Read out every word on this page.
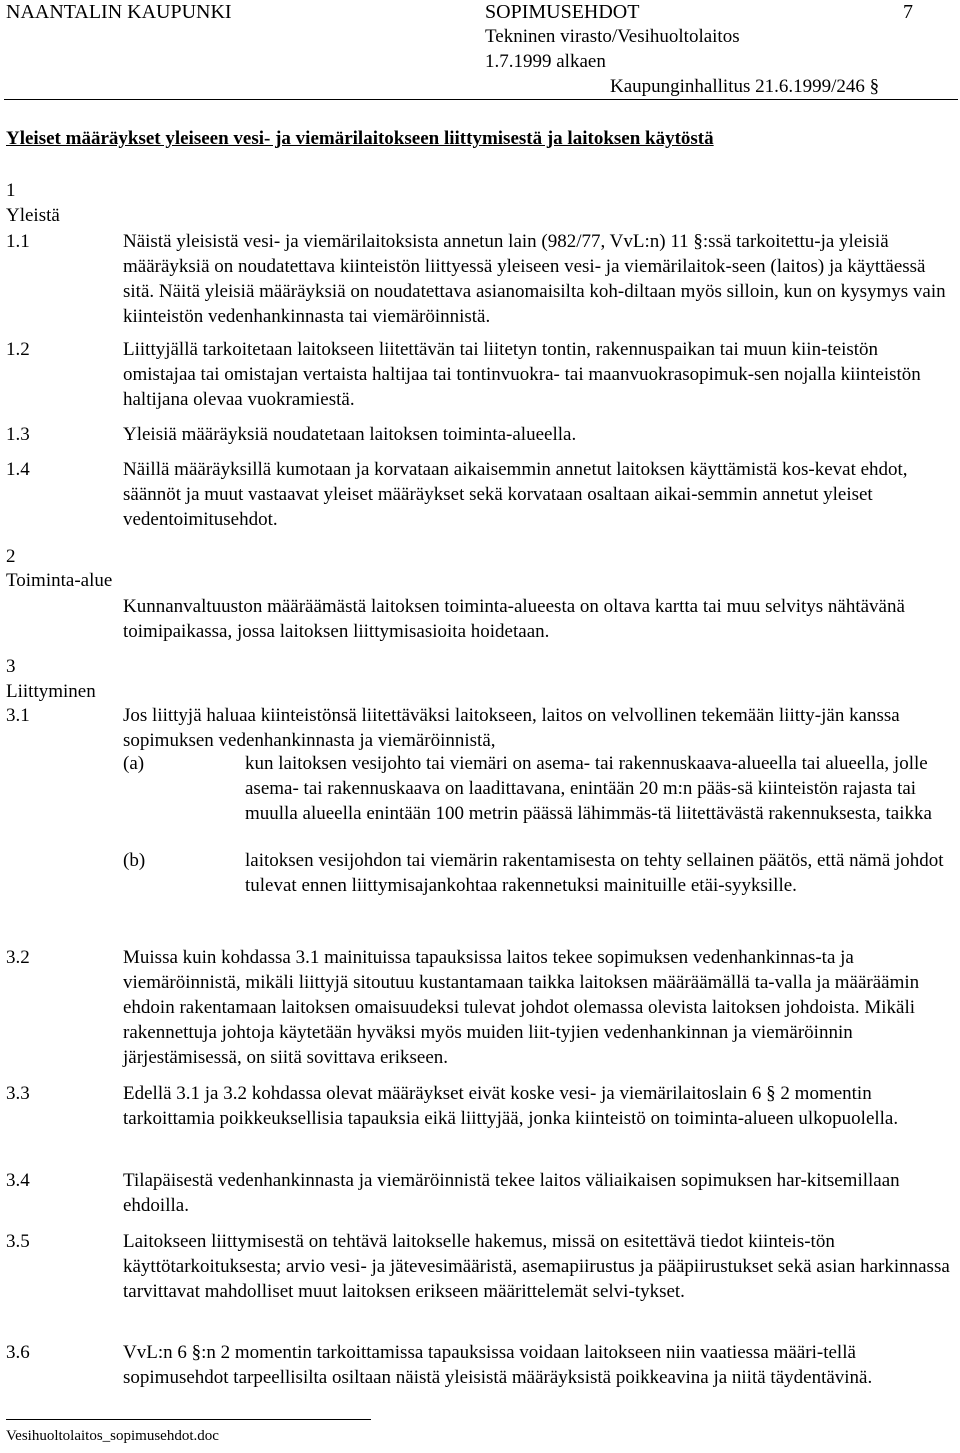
NAANTALIN KAUPUNKI	SOPIMUSEHDOT	7
Tekninen virasto/Vesihuoltolaitos
1.7.1999 alkaen
Kaupunginhallitus 21.6.1999/246 §
Yleiset määräykset yleiseen vesi- ja viemärilaitokseen liittymisestä ja laitoksen käytöstä
1
Yleistä
1.1	Näistä yleisistä vesi- ja viemärilaitoksista annetun lain (982/77, VvL:n) 11 §:ssä tarkoitettu-ja yleisiä määräyksiä on noudatettava kiinteistön liittyessä yleiseen vesi- ja viemärilaitok-seen (laitos) ja käyttäessä sitä. Näitä yleisiä määräyksiä on noudatettava asianomaisilta koh-diltaan myös silloin, kun on kysymys vain kiinteistön vedenhankinnasta tai viemäröinnistä.
1.2	Liittyjällä tarkoitetaan laitokseen liitettävän tai liitetyn tontin, rakennuspaikan tai muun kiin-teistön omistajaa tai omistajan vertaista haltijaa tai tontinvuokra- tai maanvuokrasopimuk-sen nojalla kiinteistön haltijana olevaa vuokramiestä.
1.3	Yleisiä määräyksiä noudatetaan laitoksen toiminta-alueella.
1.4	Näillä määräyksillä kumotaan ja korvataan aikaisemmin annetut laitoksen käyttämistä kos-kevat ehdot, säännöt ja muut vastaavat yleiset määräykset sekä korvataan osaltaan aikai-semmin annetut yleiset vedentoimitusehdot.
2
Toiminta-alue
Kunnanvaltuuston määräämästä laitoksen toiminta-alueesta on oltava kartta tai muu selvitys nähtävänä toimipaikassa, jossa laitoksen liittymisasioita hoidetaan.
3
Liittyminen
3.1	Jos liittyjä haluaa kiinteistönsä liitettäväksi laitokseen, laitos on velvollinen tekemään liitty-jän kanssa sopimuksen vedenhankinnasta ja viemäröinnistä,
(a)	kun laitoksen vesijohto tai viemäri on asema- tai rakennuskaava-alueella tai alueella, jolle asema- tai rakennuskaava on laadittavana, enintään 20 m:n pääs-sä kiinteistön rajasta tai muulla alueella enintään 100 metrin päässä lähimmäs-tä liitettävästä rakennuksesta, taikka
(b)	laitoksen vesijohdon tai viemärin rakentamisesta on tehty sellainen päätös, että nämä johdot tulevat ennen liittymisajankohtaa rakennetuksi mainituille etäi-syyksille.
3.2	Muissa kuin kohdassa 3.1 mainituissa tapauksissa laitos tekee sopimuksen vedenhankinnas-ta ja viemäröinnistä, mikäli liittyjä sitoutuu kustantamaan taikka laitoksen määräämällä ta-valla ja määräämin ehdoin rakentamaan laitoksen omaisuudeksi tulevat johdot olemassa olevista laitoksen johdoista. Mikäli rakennettuja johtoja käytetään hyväksi myös muiden liit-tyjien vedenhankinnan ja viemäröinnin järjestämisessä, on siitä sovittava erikseen.
3.3	Edellä 3.1 ja 3.2 kohdassa olevat määräykset eivät koske vesi- ja viemärilaitoslain 6 § 2 momentin tarkoittamia poikkeuksellisia tapauksia eikä liittyjää, jonka kiinteistö on toiminta-alueen ulkopuolella.
3.4	Tilapäisestä vedenhankinnasta ja viemäröinnistä tekee laitos väliaikaisen sopimuksen har-kitsemillaan ehdoilla.
3.5	Laitokseen liittymisestä on tehtävä laitokselle hakemus, missä on esitettävä tiedot kiinteis-tön käyttötarkoituksesta; arvio vesi- ja jätevesimääristä, asemapiirustus ja pääpiirustukset sekä asian harkinnassa tarvittavat mahdolliset muut laitoksen erikseen määrittelemät selvi-tykset.
3.6	VvL:n 6 §:n 2 momentin tarkoittamissa tapauksissa voidaan laitokseen niin vaatiessa määri-tellä sopimusehdot tarpeellisilta osiltaan näistä yleisistä määräyksistä poikkeavina ja niitä täydentävinä.
Vesihuoltolaitos_sopimusehdot.doc
